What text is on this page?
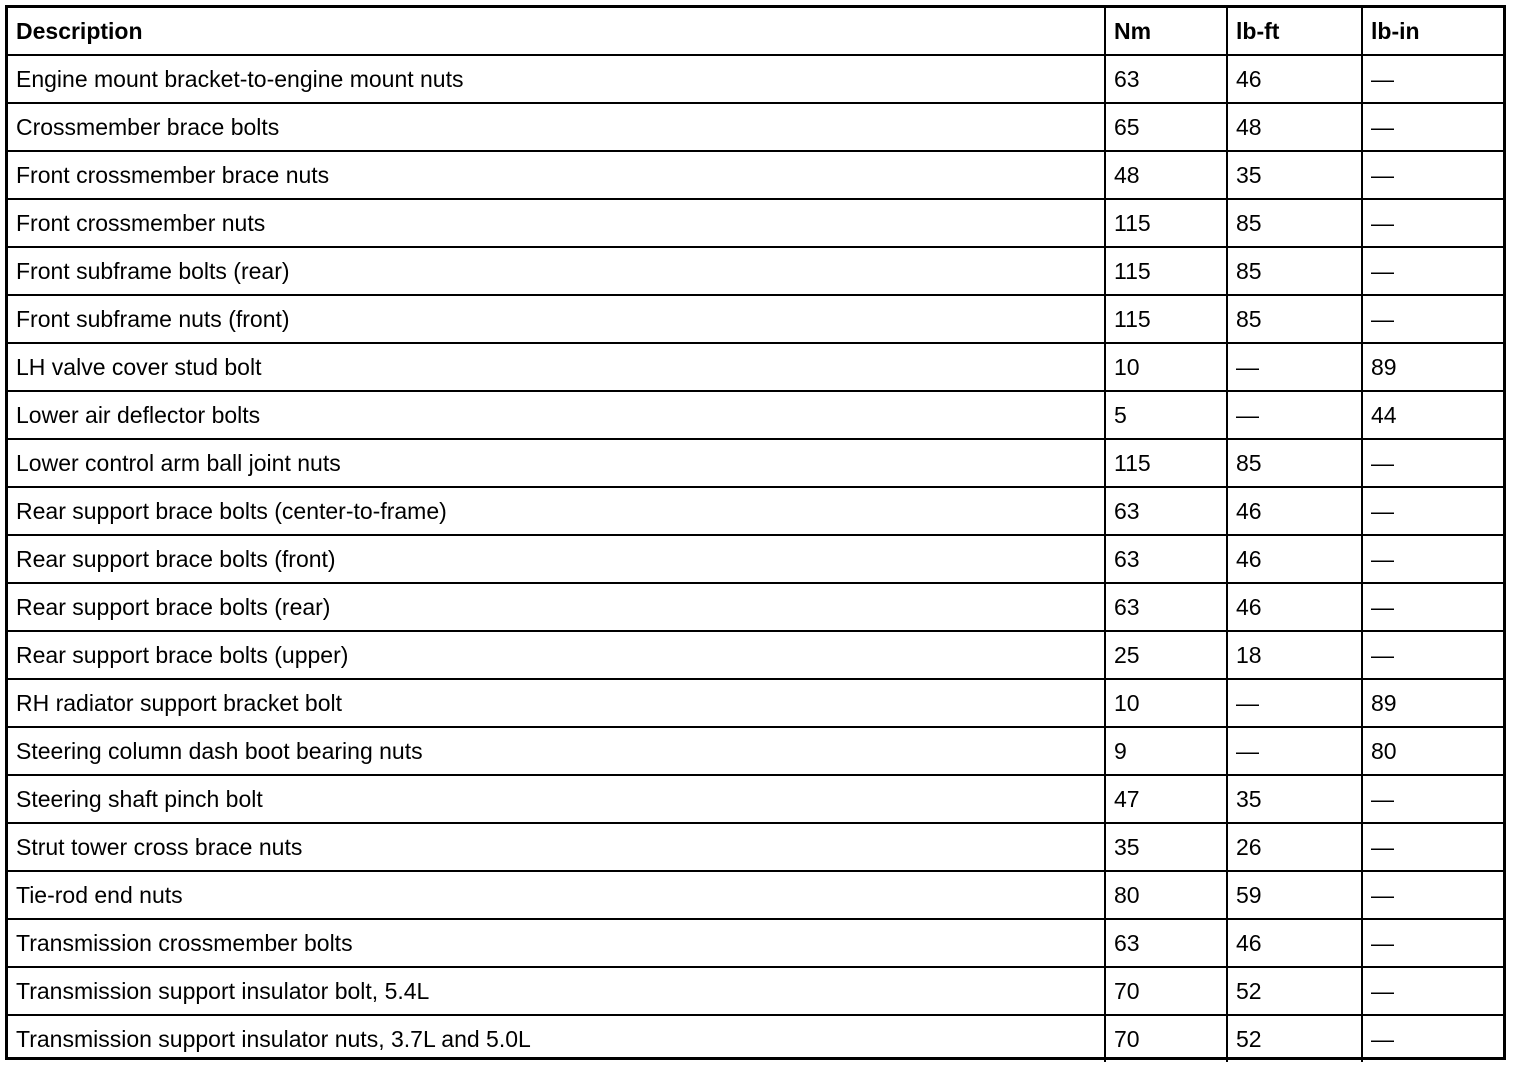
Description	Nm	lb-ft	lb-in
Engine mount bracket-to-engine mount nuts	63	46	—
Crossmember brace bolts	65	48	—
Front crossmember brace nuts	48	35	—
Front crossmember nuts	115	85	—
Front subframe bolts (rear)	115	85	—
Front subframe nuts (front)	115	85	—
LH valve cover stud bolt	10	—	89
Lower air deflector bolts	5	—	44
Lower control arm ball joint nuts	115	85	—
Rear support brace bolts (center-to-frame)	63	46	—
Rear support brace bolts (front)	63	46	—
Rear support brace bolts (rear)	63	46	—
Rear support brace bolts (upper)	25	18	—
RH radiator support bracket bolt	10	—	89
Steering column dash boot bearing nuts	9	—	80
Steering shaft pinch bolt	47	35	—
Strut tower cross brace nuts	35	26	—
Tie-rod end nuts	80	59	—
Transmission crossmember bolts	63	46	—
Transmission support insulator bolt, 5.4L	70	52	—
Transmission support insulator nuts, 3.7L and 5.0L	70	52	—
